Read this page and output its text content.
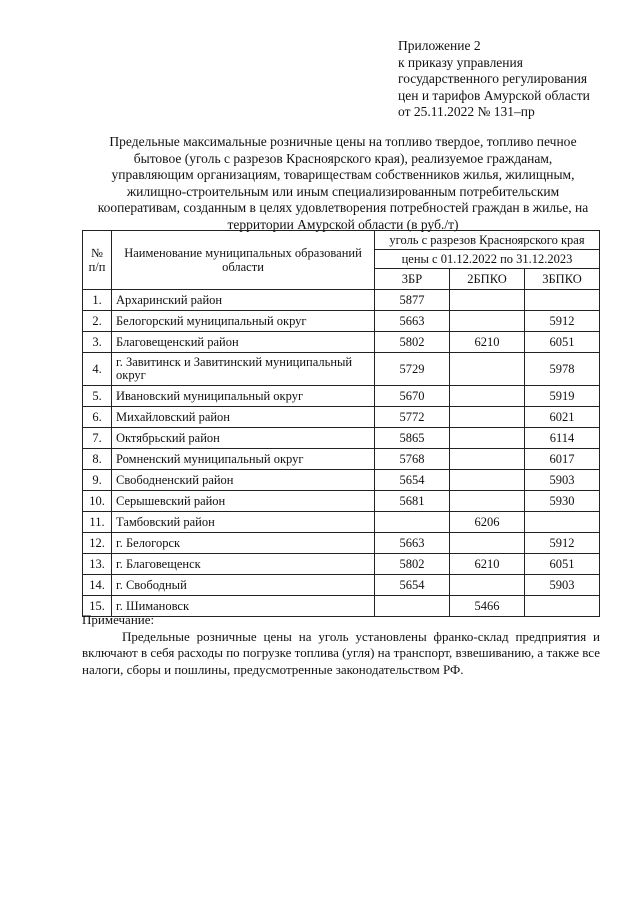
Приложение 2
к приказу управления
государственного регулирования
цен и тарифов Амурской области
от 25.11.2022 № 131–пр
Предельные максимальные розничные цены на топливо твердое, топливо печное
бытовое (уголь с разрезов Красноярского края), реализуемое гражданам,
управляющим организациям, товариществам собственников жилья, жилищным,
жилищно-строительным или иным специализированным потребительским
кооперативам, созданным в целях удовлетворения потребностей граждан в жилье, на
территории Амурской области (в руб./т)
№ п/п	Наименование муниципальных образований области	уголь с разрезов Красноярского края		
		цены с 01.12.2022 по 31.12.2023		
		3БР	2БПКО	3БПКО
1.	Архаринский район	5877		
2.	Белогорский муниципальный округ	5663		5912
3.	Благовещенский район	5802	6210	6051
4.	г. Завитинск и Завитинский муниципальный округ	5729		5978
5.	Ивановский муниципальный округ	5670		5919
6.	Михайловский район	5772		6021
7.	Октябрьский район	5865		6114
8.	Ромненский муниципальный округ	5768		6017
9.	Свободненский район	5654		5903
10.	Серышевский район	5681		5930
11.	Тамбовский район		6206	
12.	г. Белогорск	5663		5912
13.	г. Благовещенск	5802	6210	6051
14.	г. Свободный	5654		5903
15.	г. Шимановск		5466	
Примечание:
Предельные розничные цены на уголь установлены франко-склад предприятия и включают в себя расходы по погрузке топлива (угля) на транспорт, взвешиванию, а также все налоги, сборы и пошлины, предусмотренные законодательством РФ.
